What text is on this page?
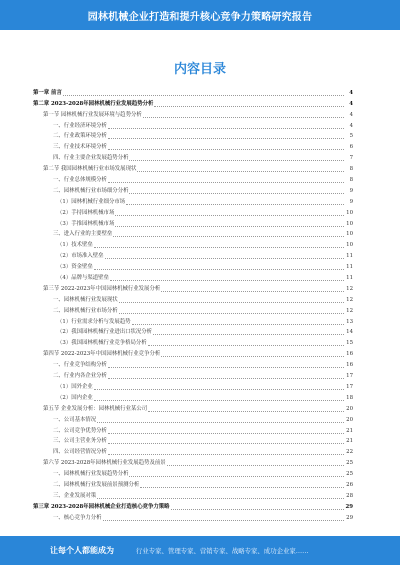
园林机械企业打造和提升核心竞争力策略研究报告
内容目录
第一章 前言	4
第二章 2023-2028年园林机械行业发展趋势分析	4
第一节 园林机械行业发展环境与趋势分析	4
一、行业经济环境分析	4
二、行业政策环境分析	5
三、行业技术环境分析	6
四、行业主要企业发展趋势分析	7
第二节 我国园林机械行业市场发展现状	8
一、行业总体规模分析	8
二、园林机械行业市场细分分析	9
（1）园林机械行业细分市场	9
（2）手持园林机械市场	10
（3）手推园林机械市场	10
三、进入行业的主要壁垒	10
（1）技术壁垒	10
（2）市场准入壁垒	11
（3）资金壁垒	11
（4）品牌与渠道壁垒	11
第三节 2022-2023年中国园林机械行业发展分析	12
一、园林机械行业发展现状	12
二、园林机械行业市场分析	12
（1）行业需求分析与发展趋势	13
（2）我国园林机械行业进出口状况分析	14
（3）我国园林机械行业竞争格局分析	15
第四节 2022-2023年中国园林机械行业竞争分析	16
一、行业竞争结构分析	16
二、行业内各企业分析	17
（1）国外企业	17
（2）国内企业	18
第五节 企业发展分析：园林机械行业某公司	20
一、公司基本情况	20
二、公司竞争优势分析	21
三、公司主营业务分析	21
四、公司经营情况分析	22
第六节 2023-2028年园林机械行业发展趋势及前景	25
一、园林机械行业发展趋势分析	25
二、园林机械行业发展前景预测分析	26
三、企业发展对策	28
第三章 2023-2028年园林机械企业打造核心竞争力策略	29
一、核心竞争力分析	29
让每个人都能成为	行业专家、管理专家、营销专家、战略专家、成功企业家……
